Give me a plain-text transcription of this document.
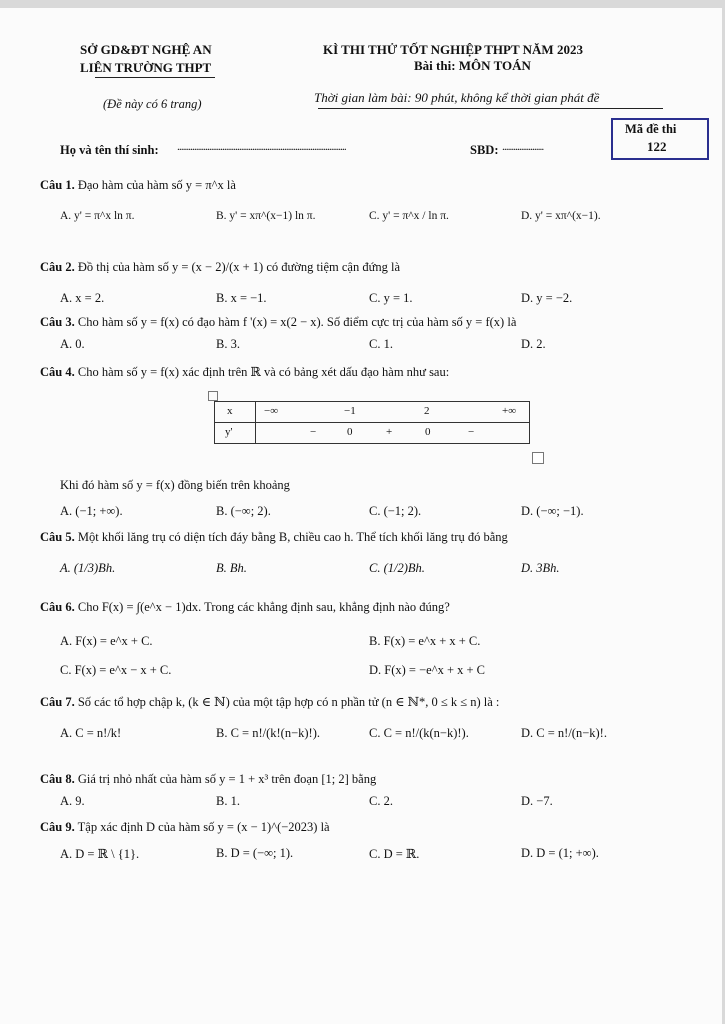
SỞ GD&ĐT NGHỆ AN
LIÊN TRƯỜNG THPT
KÌ THI THỬ TỐT NGHIỆP THPT NĂM 2023
Bài thi: MÔN TOÁN
(Đề này có 6 trang)	Thời gian làm bài: 90 phút, không kể thời gian phát đề
Mã đề thi
122
Họ và tên thí sinh: ..........................................................................................	SBD: ......................
Câu 1. Đạo hàm của hàm số y = π^x là
A. y' = π^x ln π.	B. y' = xπ^(x−1) ln π.	C. y' = π^x / ln π.	D. y' = xπ^(x−1).
Câu 2. Đồ thị của hàm số y = (x − 2)/(x + 1) có đường tiệm cận đứng là
A. x = 2.	B. x = −1.	C. y = 1.	D. y = −2.
Câu 3. Cho hàm số y = f(x) có đạo hàm f '(x) = x(2 − x). Số điểm cực trị của hàm số y = f(x) là
A. 0.	B. 3.	C. 1.	D. 2.
Câu 4. Cho hàm số y = f(x) xác định trên ℝ và có bảng xét dấu đạo hàm như sau:
x	−∞ −1 2 +∞

y'	− 0 + 0 −
Khi đó hàm số y = f(x) đồng biến trên khoảng
A. (−1; +∞).	B. (−∞; 2).	C. (−1; 2).	D. (−∞; −1).
Câu 5. Một khối lăng trụ có diện tích đáy bằng B, chiều cao h. Thể tích khối lăng trụ đó bằng
A. (1/3)Bh.	B. Bh.	C. (1/2)Bh.	D. 3Bh.
Câu 6. Cho F(x) = ∫(e^x − 1)dx. Trong các khẳng định sau, khẳng định nào đúng?
A. F(x) = e^x + C.	B. F(x) = e^x + x + C.
C. F(x) = e^x − x + C.	D. F(x) = −e^x + x + C
Câu 7. Số các tổ hợp chập k, (k ∈ ℕ) của một tập hợp có n phần tử (n ∈ ℕ*, 0 ≤ k ≤ n) là :
A. C = n!/k!	B. C = n!/(k!(n−k)!).	C. C = n!/(k(n−k)!).	D. C = n!/(n−k)!.
Câu 8. Giá trị nhỏ nhất của hàm số y = 1 + x³ trên đoạn [1; 2] bằng
A. 9.	B. 1.	C. 2.	D. −7.
Câu 9. Tập xác định D của hàm số y = (x − 1)^(−2023) là
A. D = ℝ \ {1}.	B. D = (−∞; 1).	C. D = ℝ.	D. D = (1; +∞).
